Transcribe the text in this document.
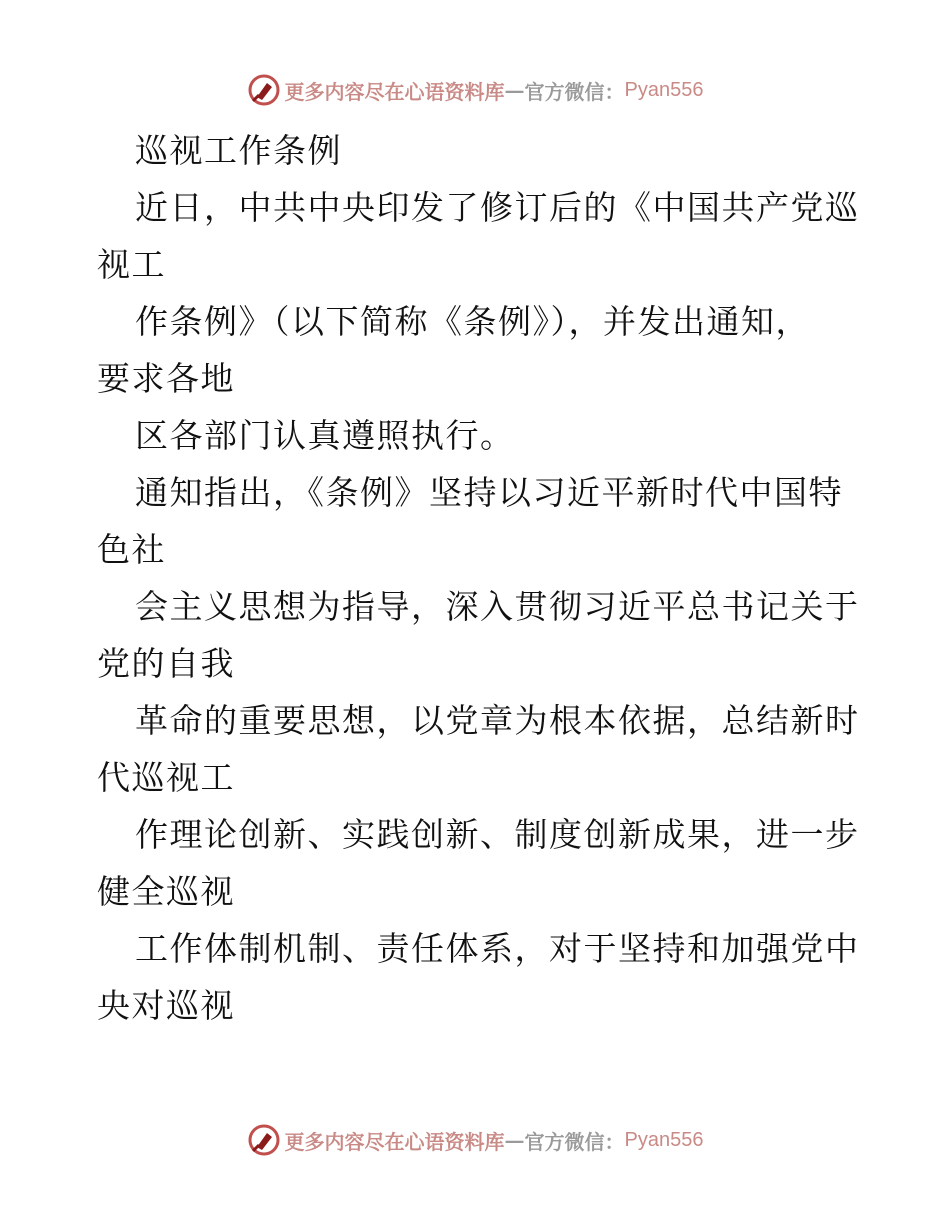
更多内容尽在心语资料库 — 官方微信： Pyan556
巡视工作条例
近日，中共中央印发了修订后的《中国共产党巡
视工
作条例》（以下简称《条例》），并发出通知，
要求各地
区各部门认真遵照执行。
通知指出，《条例》坚持以习近平新时代中国特
色社
会主义思想为指导，深入贯彻习近平总书记关于
党的自我
革命的重要思想，以党章为根本依据，总结新时
代巡视工
作理论创新、实践创新、制度创新成果，进一步
健全巡视
工作体制机制、责任体系，对于坚持和加强党中
央对巡视
更多内容尽在心语资料库 — 官方微信： Pyan556
